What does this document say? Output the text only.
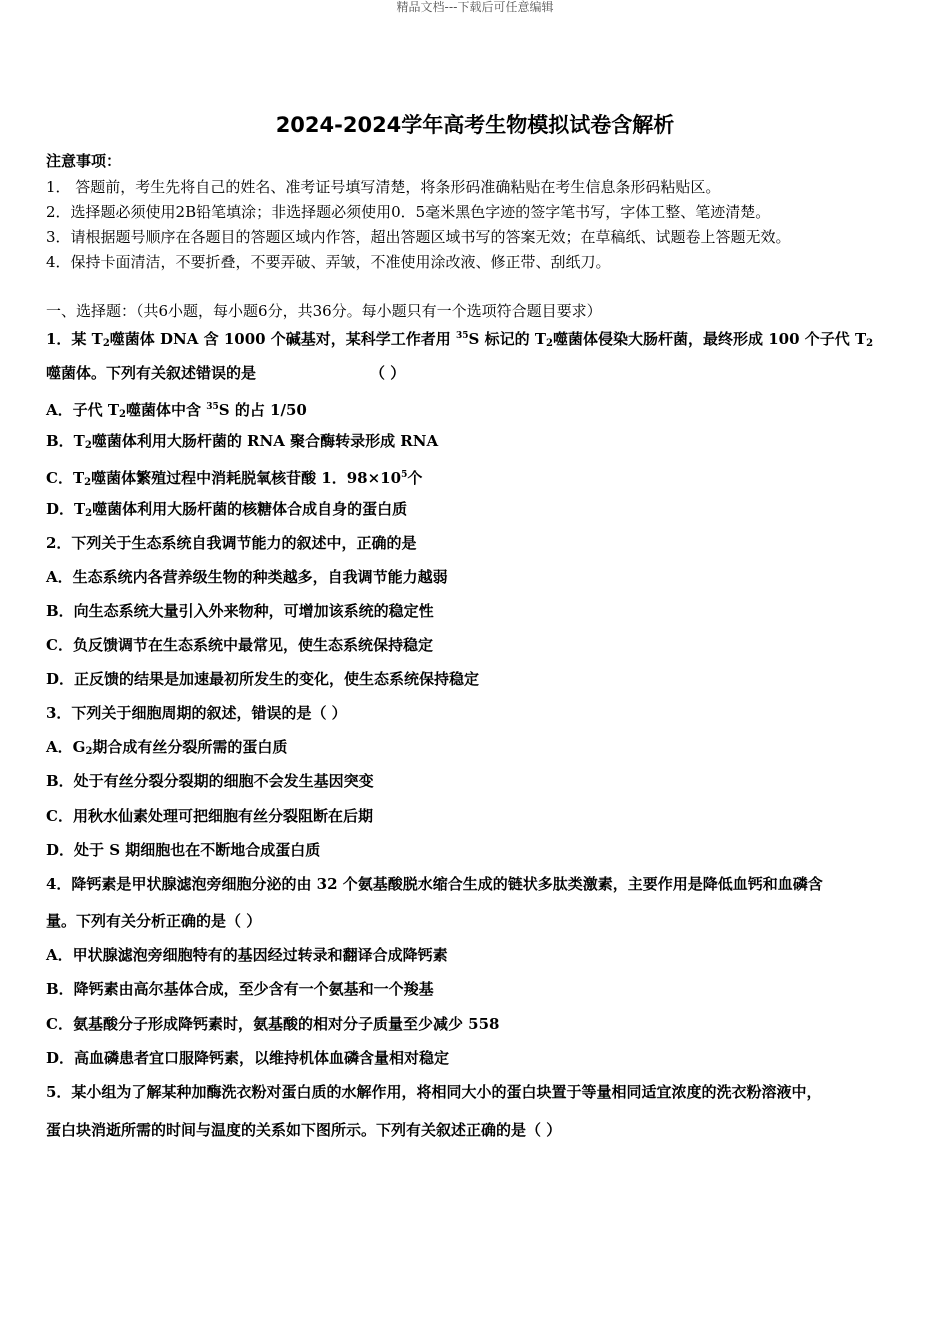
精品文档---下载后可任意编辑
2024-2024学年高考生物模拟试卷含解析
注意事项：
1． 答题前，考生先将自己的姓名、准考证号填写清楚，将条形码准确粘贴在考生信息条形码粘贴区。
2．选择题必须使用2B铅笔填涂；非选择题必须使用0．5毫米黑色字迹的签字笔书写，字体工整、笔迹清楚。
3．请根据题号顺序在各题目的答题区域内作答，超出答题区域书写的答案无效；在草稿纸、试题卷上答题无效。
4．保持卡面清洁，不要折叠，不要弄破、弄皱，不准使用涂改液、修正带、刮纸刀。
一、选择题：（共6小题，每小题6分，共36分。每小题只有一个选项符合题目要求）
1．某 $T_2$噬菌体 DNA 含 1000 个碱基对，某科学工作者用 $^{35}$S 标记的 $T_2$噬菌体侵染大肠杆菌，最终形成 100 个子代 $T_2$
噬菌体。下列有关叙述错误的是	（ ）
A．子代 $T_2$噬菌体中含 $^{35}$S 的占 1/50
B．$T_2$噬菌体利用大肠杆菌的 RNA 聚合酶转录形成 RNA
C．$T_2$噬菌体繁殖过程中消耗脱氧核苷酸 1．$98\times 10^5$个
D．$T_2$噬菌体利用大肠杆菌的核糖体合成自身的蛋白质
2．下列关于生态系统自我调节能力的叙述中，正确的是
A．生态系统内各营养级生物的种类越多，自我调节能力越弱
B．向生态系统大量引入外来物种，可增加该系统的稳定性
C．负反馈调节在生态系统中最常见，使生态系统保持稳定
D．正反馈的结果是加速最初所发生的变化，使生态系统保持稳定
3．下列关于细胞周期的叙述，错误的是（ ）
A．$G_2$期合成有丝分裂所需的蛋白质
B．处于有丝分裂分裂期的细胞不会发生基因突变
C．用秋水仙素处理可把细胞有丝分裂阻断在后期
D．处于 S 期细胞也在不断地合成蛋白质
4．降钙素是甲状腺滤泡旁细胞分泌的由 32 个氨基酸脱水缩合生成的链状多肽类激素，主要作用是降低血钙和血磷含
量。下列有关分析正确的是（ ）
A．甲状腺滤泡旁细胞特有的基因经过转录和翻译合成降钙素
B．降钙素由高尔基体合成，至少含有一个氨基和一个羧基
C．氨基酸分子形成降钙素时，氨基酸的相对分子质量至少减少 558
D．高血磷患者宜口服降钙素，以维持机体血磷含量相对稳定
5．某小组为了解某种加酶洗衣粉对蛋白质的水解作用，将相同大小的蛋白块置于等量相同适宜浓度的洗衣粉溶液中，
蛋白块消逝所需的时间与温度的关系如下图所示。下列有关叙述正确的是（ ）
